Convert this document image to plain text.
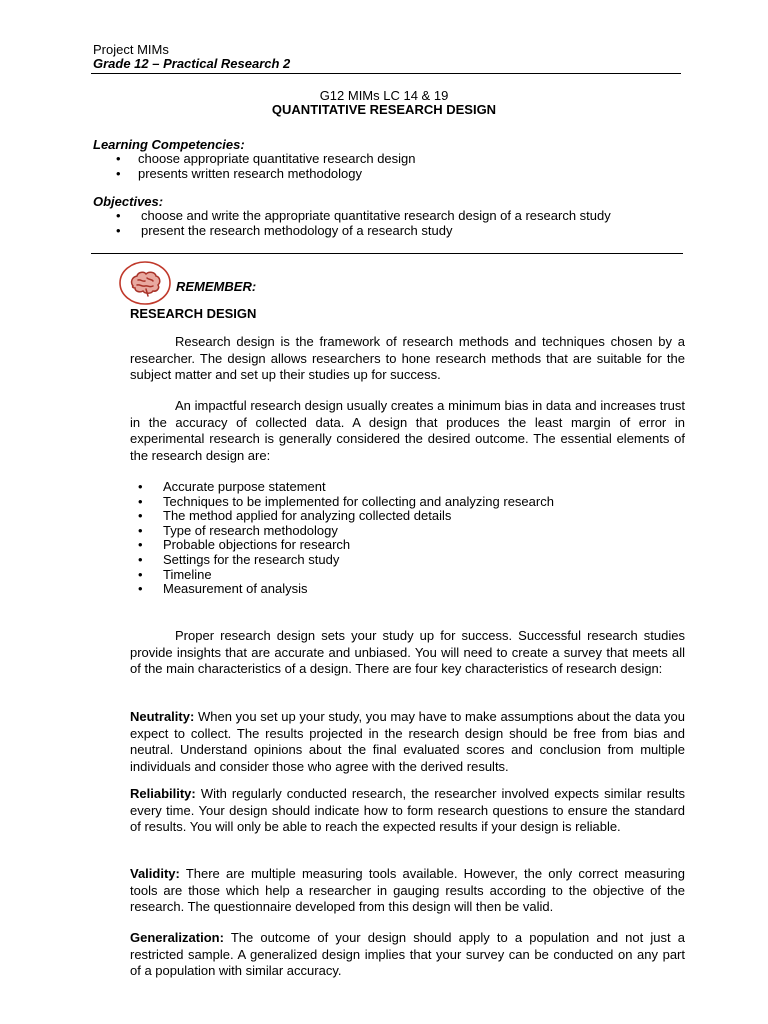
Project MIMs
Grade 12 – Practical Research 2
G12 MIMs LC 14 & 19
QUANTITATIVE RESEARCH DESIGN
Learning Competencies:
• choose appropriate quantitative research design
• presents written research methodology
Objectives:
• choose and write the appropriate quantitative research design of a research study
• present the research methodology of a research study
REMEMBER:
RESEARCH DESIGN

Research design is the framework of research methods and techniques chosen by a researcher. The design allows researchers to hone research methods that are suitable for the subject matter and set up their studies up for success.

An impactful research design usually creates a minimum bias in data and increases trust in the accuracy of collected data. A design that produces the least margin of error in experimental research is generally considered the desired outcome. The essential elements of the research design are:

• Accurate purpose statement
• Techniques to be implemented for collecting and analyzing research
• The method applied for analyzing collected details
• Type of research methodology
• Probable objections for research
• Settings for the research study
• Timeline
• Measurement of analysis

Proper research design sets your study up for success. Successful research studies provide insights that are accurate and unbiased. You will need to create a survey that meets all of the main characteristics of a design. There are four key characteristics of research design:

Neutrality: When you set up your study, you may have to make assumptions about the data you expect to collect. The results projected in the research design should be free from bias and neutral. Understand opinions about the final evaluated scores and conclusion from multiple individuals and consider those who agree with the derived results.

Reliability: With regularly conducted research, the researcher involved expects similar results every time. Your design should indicate how to form research questions to ensure the standard of results. You will only be able to reach the expected results if your design is reliable.

Validity: There are multiple measuring tools available. However, the only correct measuring tools are those which help a researcher in gauging results according to the objective of the research. The questionnaire developed from this design will then be valid.

Generalization: The outcome of your design should apply to a population and not just a restricted sample. A generalized design implies that your survey can be conducted on any part of a population with similar accuracy.
